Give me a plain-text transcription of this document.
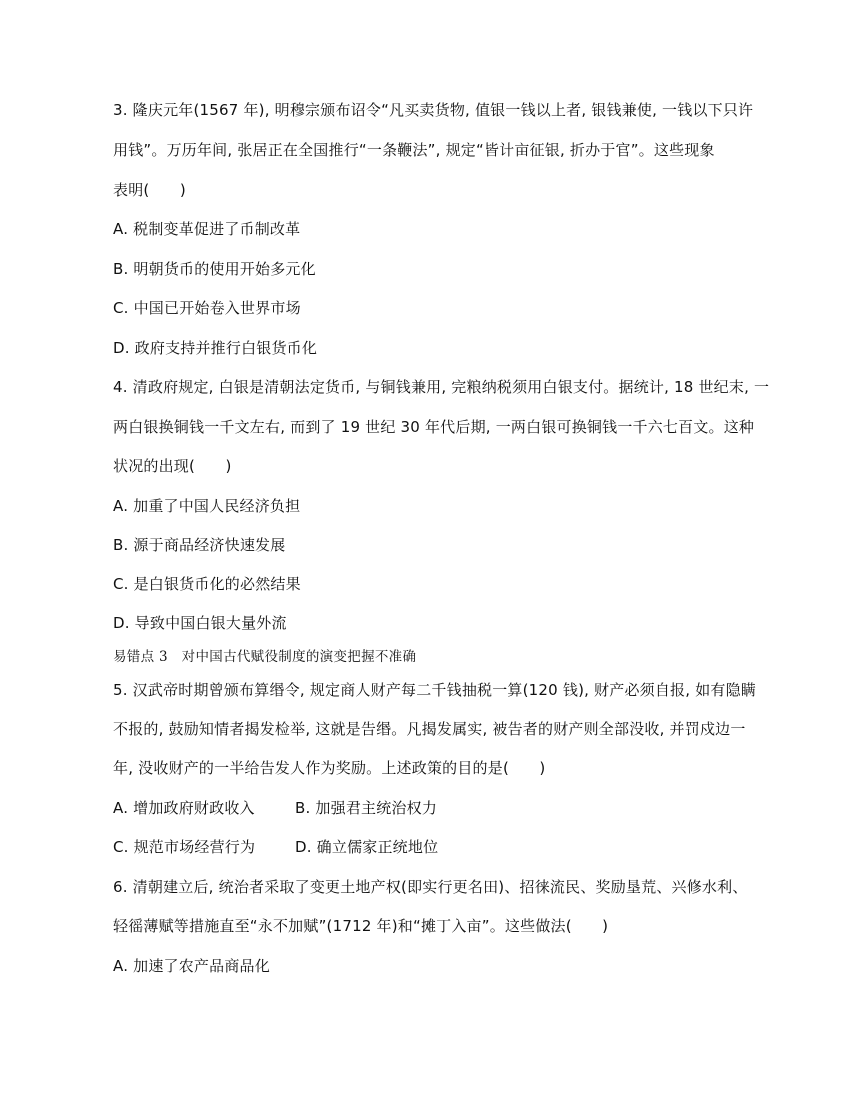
3. 隆庆元年(1567 年), 明穆宗颁布诏令“凡买卖货物, 值银一钱以上者, 银钱兼使, 一钱以下只许
用钱”。万历年间, 张居正在全国推行“一条鞭法”, 规定“皆计亩征银, 折办于官”。这些现象
表明(　　)
A. 税制变革促进了币制改革
B. 明朝货币的使用开始多元化
C. 中国已开始卷入世界市场
D. 政府支持并推行白银货币化
4. 清政府规定, 白银是清朝法定货币, 与铜钱兼用, 完粮纳税须用白银支付。据统计, 18 世纪末, 一
两白银换铜钱一千文左右, 而到了 19 世纪 30 年代后期, 一两白银可换铜钱一千六七百文。这种
状况的出现(　　)
A. 加重了中国人民经济负担
B. 源于商品经济快速发展
C. 是白银货币化的必然结果
D. 导致中国白银大量外流
易错点 3　对中国古代赋役制度的演变把握不准确
5. 汉武帝时期曾颁布算缗令, 规定商人财产每二千钱抽税一算(120 钱), 财产必须自报, 如有隐瞒
不报的, 鼓励知情者揭发检举, 这就是告缗。凡揭发属实, 被告者的财产则全部没收, 并罚戍边一
年, 没收财产的一半给告发人作为奖励。上述政策的目的是(　　)
A. 增加政府财政收入	B. 加强君主统治权力
C. 规范市场经营行为	D. 确立儒家正统地位
6. 清朝建立后, 统治者采取了变更土地产权(即实行更名田)、招徕流民、奖励垦荒、兴修水利、
轻徭薄赋等措施直至“永不加赋”(1712 年)和“摊丁入亩”。这些做法(　　)
A. 加速了农产品商品化
